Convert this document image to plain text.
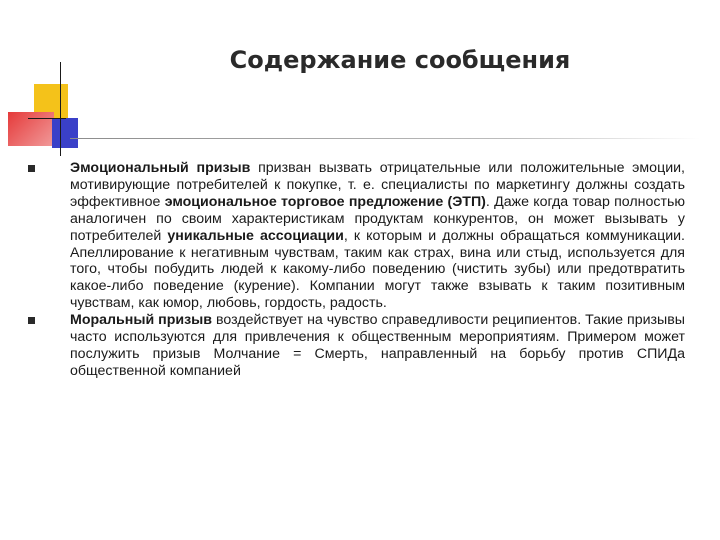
Содержание сообщения

Эмоциональный призыв призван вызвать отрицательные или положительные эмоции, мотивирующие потребителей к покупке, т. е. специалисты по маркетингу должны создать эффективное эмоциональное торговое предложение (ЭТП). Даже когда товар полностью аналогичен по своим характеристикам продуктам конкурентов, он может вызывать у потребителей уникальные ассоциации, к которым и должны обращаться коммуникации. Апеллирование к негативным чувствам, таким как страх, вина или стыд, используется для того, чтобы побудить людей к какому-либо поведению (чистить зубы) или предотвратить какое-либо поведение (курение). Компании могут также взывать к таким позитивным чувствам, как юмор, любовь, гордость, радость.

Моральный призыв воздействует на чувство справедливости реципиентов. Такие призывы часто используются для привлечения к общественным мероприятиям. Примером может послужить призыв Молчание = Смерть, направленный на борьбу против СПИДа общественной компанией
